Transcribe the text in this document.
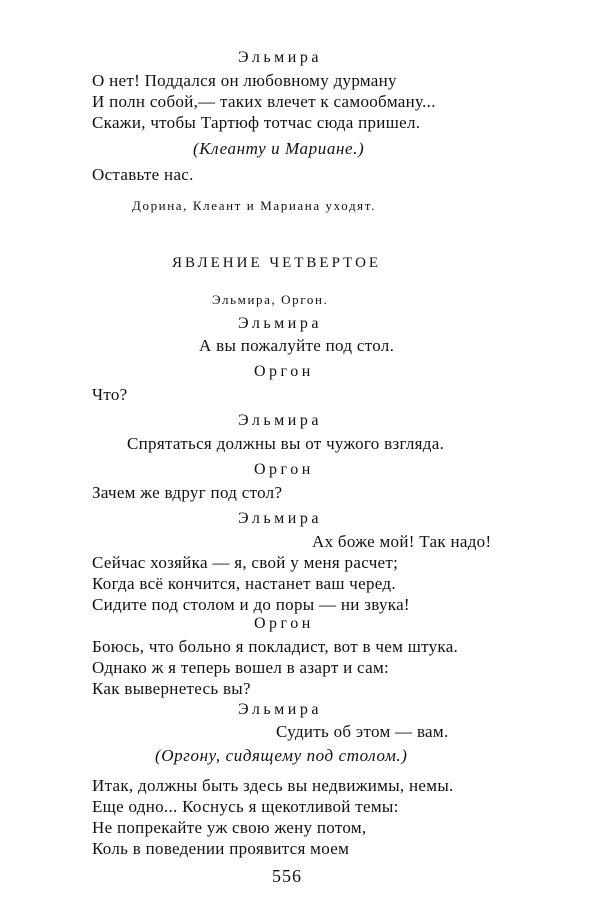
Эльмира
О нет! Поддался он любовному дурману
И полн собой,— таких влечет к самообману...
Скажи, чтобы Тартюф тотчас сюда пришел.
(Клеанту и Мариане.)
Оставьте нас.
Дорина, Клеант и Мариана уходят.
ЯВЛЕНИЕ ЧЕТВЕРТОЕ
Эльмира, Оргон.
Эльмира
А вы пожалуйте под стол.
Оргон
Что?
Эльмира
Спрятаться должны вы от чужого взгляда.
Оргон
Зачем же вдруг под стол?
Эльмира
Ах боже мой! Так надо!
Сейчас хозяйка — я, свой у меня расчет;
Когда всё кончится, настанет ваш черед.
Сидите под столом и до поры — ни звука!
Оргон
Боюсь, что больно я покладист, вот в чем штука.
Однако ж я теперь вошел в азарт и сам:
Как вывернетесь вы?
Эльмира
Судить об этом — вам.
(Оргону, сидящему под столом.)
Итак, должны быть здесь вы недвижимы, немы.
Еще одно... Коснусь я щекотливой темы:
Не попрекайте уж свою жену потом,
Коль в поведении проявится моем
556
